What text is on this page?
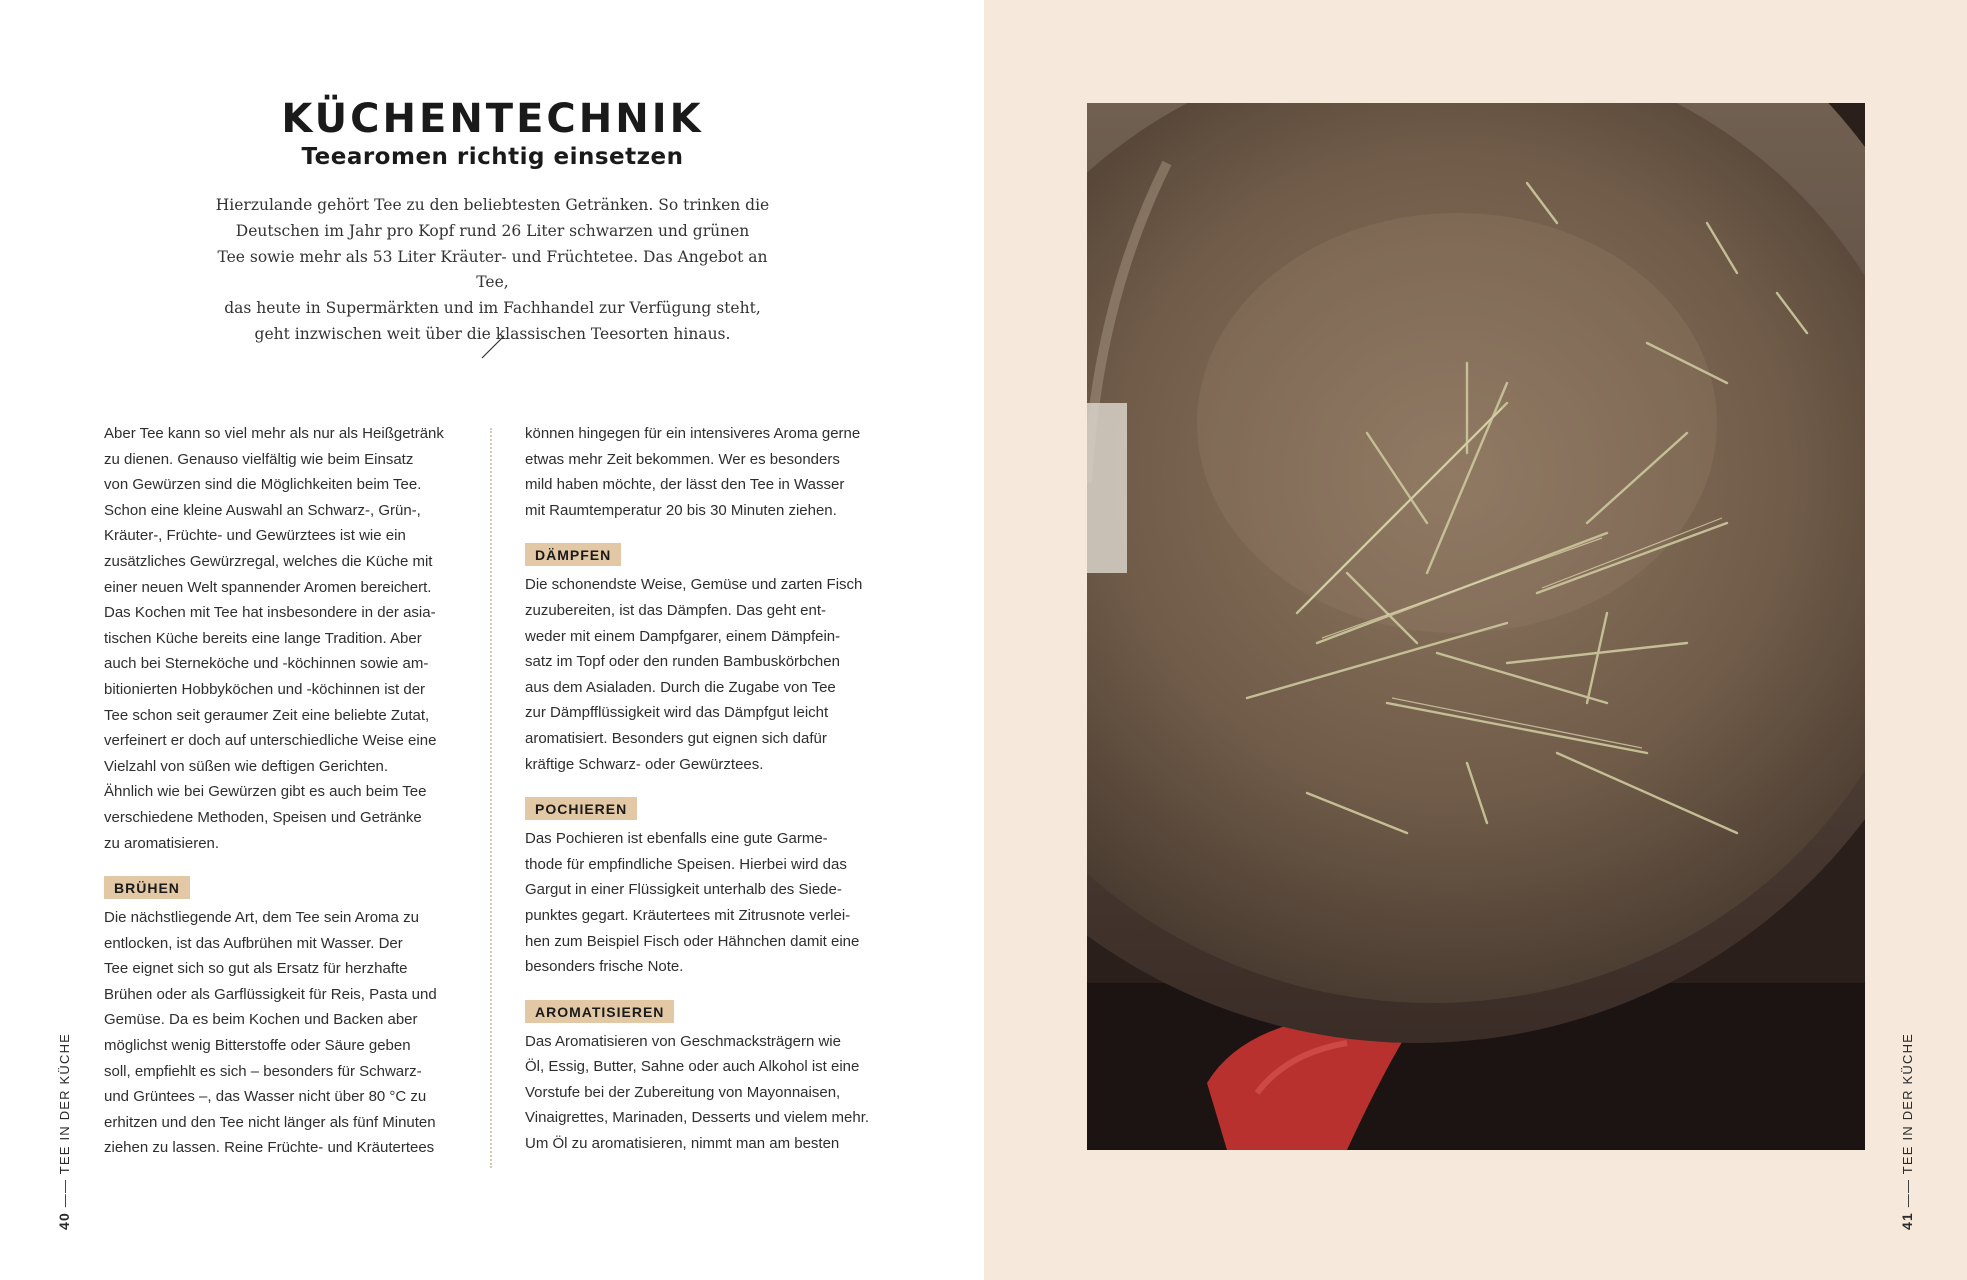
KÜCHENTECHNIK
Teearomen richtig einsetzen
Hierzulande gehört Tee zu den beliebtesten Getränken. So trinken die
Deutschen im Jahr pro Kopf rund 26 Liter schwarzen und grünen
Tee sowie mehr als 53 Liter Kräuter- und Früchtetee. Das Angebot an Tee,
das heute in Supermärkten und im Fachhandel zur Verfügung steht,
geht inzwischen weit über die klassischen Teesorten hinaus.
Aber Tee kann so viel mehr als nur als Heißgetränk
zu dienen. Genauso vielfältig wie beim Einsatz
von Gewürzen sind die Möglichkeiten beim Tee.
Schon eine kleine Auswahl an Schwarz-, Grün-,
Kräuter-, Früchte- und Gewürztees ist wie ein
zusätzliches Gewürzregal, welches die Küche mit
einer neuen Welt spannender Aromen bereichert.
Das Kochen mit Tee hat insbesondere in der asia-
tischen Küche bereits eine lange Tradition. Aber
auch bei Sterneköche und -köchinnen sowie am-
bitionierten Hobbyköchen und -köchinnen ist der
Tee schon seit geraumer Zeit eine beliebte Zutat,
verfeinert er doch auf unterschiedliche Weise eine
Vielzahl von süßen wie deftigen Gerichten.
Ähnlich wie bei Gewürzen gibt es auch beim Tee
verschiedene Methoden, Speisen und Getränke
zu aromatisieren.
BRÜHEN
Die nächstliegende Art, dem Tee sein Aroma zu
entlocken, ist das Aufbrühen mit Wasser. Der
Tee eignet sich so gut als Ersatz für herzhafte
Brühen oder als Garflüssigkeit für Reis, Pasta und
Gemüse. Da es beim Kochen und Backen aber
möglichst wenig Bitterstoffe oder Säure geben
soll, empfiehlt es sich – besonders für Schwarz-
und Grüntees –, das Wasser nicht über 80 °C zu
erhitzen und den Tee nicht länger als fünf Minuten
ziehen zu lassen. Reine Früchte- und Kräutertees
können hingegen für ein intensiveres Aroma gerne
etwas mehr Zeit bekommen. Wer es besonders
mild haben möchte, der lässt den Tee in Wasser
mit Raumtemperatur 20 bis 30 Minuten ziehen.
DÄMPFEN
Die schonendste Weise, Gemüse und zarten Fisch
zuzubereiten, ist das Dämpfen. Das geht ent-
weder mit einem Dampfgarer, einem Dämpfein-
satz im Topf oder den runden Bambuskörbchen
aus dem Asialaden. Durch die Zugabe von Tee
zur Dämpfflüssigkeit wird das Dämpfgut leicht
aromatisiert. Besonders gut eignen sich dafür
kräftige Schwarz- oder Gewürztees.
POCHIEREN
Das Pochieren ist ebenfalls eine gute Garme-
thode für empfindliche Speisen. Hierbei wird das
Gargut in einer Flüssigkeit unterhalb des Siede-
punktes gegart. Kräutertees mit Zitrusnote verlei-
hen zum Beispiel Fisch oder Hähnchen damit eine
besonders frische Note.
AROMATISIEREN
Das Aromatisieren von Geschmacksträgern wie
Öl, Essig, Butter, Sahne oder auch Alkohol ist eine
Vorstufe bei der Zubereitung von Mayonnaisen,
Vinaigrettes, Marinaden, Desserts und vielem mehr.
Um Öl zu aromatisieren, nimmt man am besten
40 —— TEE IN DER KÜCHE
41 —— TEE IN DER KÜCHE
